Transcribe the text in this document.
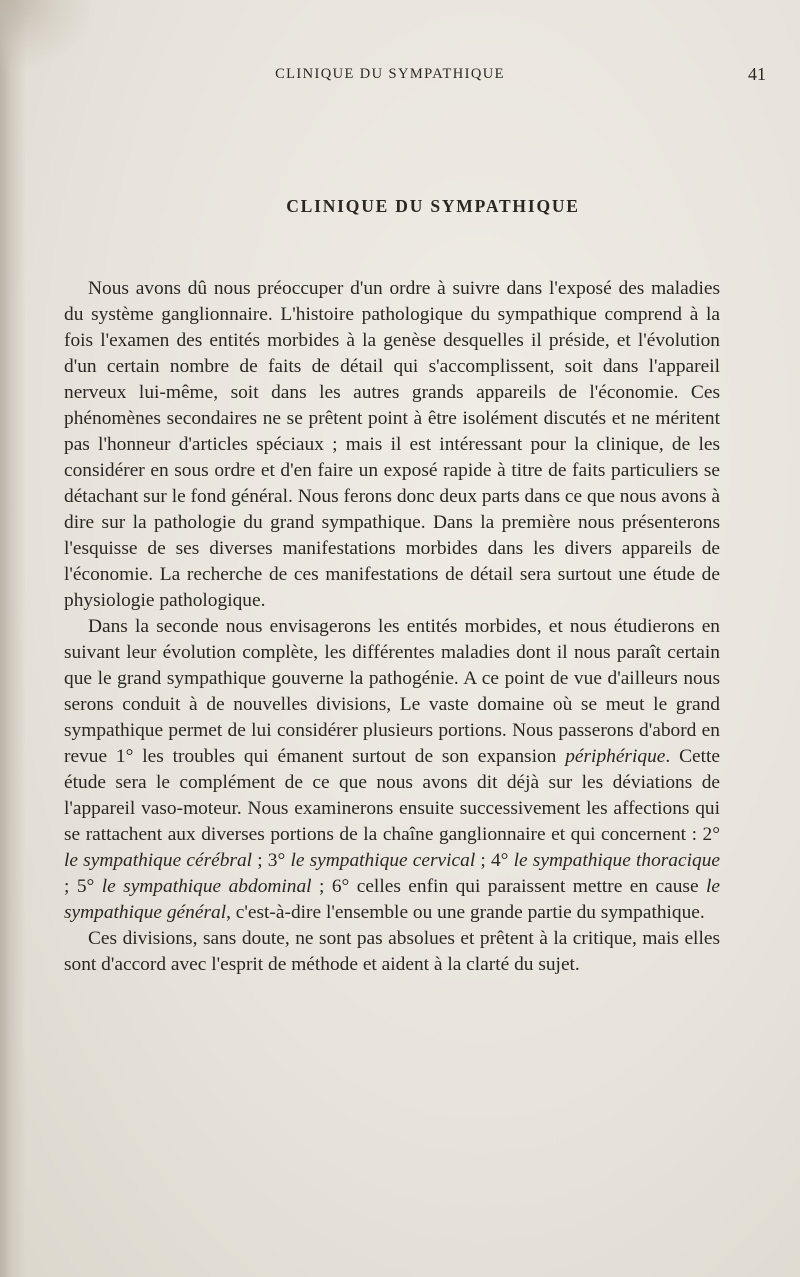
CLINIQUE DU SYMPATHIQUE	41
CLINIQUE DU SYMPATHIQUE

Nous avons dû nous préoccuper d'un ordre à suivre dans l'exposé des maladies du système ganglionnaire. L'histoire pathologique du sympathique comprend à la fois l'examen des entités morbides à la genèse desquelles il préside, et l'évolution d'un certain nombre de faits de détail qui s'accomplissent, soit dans l'appareil nerveux lui-même, soit dans les autres grands appareils de l'économie. Ces phénomènes secondaires ne se prêtent point à être isolément discutés et ne méritent pas l'honneur d'articles spéciaux ; mais il est intéressant pour la clinique, de les considérer en sous ordre et d'en faire un exposé rapide à titre de faits particuliers se détachant sur le fond général. Nous ferons donc deux parts dans ce que nous avons à dire sur la pathologie du grand sympathique. Dans la première nous présenterons l'esquisse de ses diverses manifestations morbides dans les divers appareils de l'économie. La recherche de ces manifestations de détail sera surtout une étude de physiologie pathologique.

Dans la seconde nous envisagerons les entités morbides, et nous étudierons en suivant leur évolution complète, les différentes maladies dont il nous paraît certain que le grand sympathique gouverne la pathogénie. A ce point de vue d'ailleurs nous serons conduit à de nouvelles divisions, Le vaste domaine où se meut le grand sympathique permet de lui considérer plusieurs portions. Nous passerons d'abord en revue 1° les troubles qui émanent surtout de son expansion périphérique. Cette étude sera le complément de ce que nous avons dit déjà sur les déviations de l'appareil vaso-moteur. Nous examinerons ensuite successivement les affections qui se rattachent aux diverses portions de la chaîne ganglionnaire et qui concernent : 2° le sympathique cérébral ; 3° le sympathique cervical ; 4° le sympathique thoracique ; 5° le sympathique abdominal ; 6° celles enfin qui paraissent mettre en cause le sympathique général, c'est-à-dire l'ensemble ou une grande partie du sympathique.

Ces divisions, sans doute, ne sont pas absolues et prêtent à la critique, mais elles sont d'accord avec l'esprit de méthode et aident à la clarté du sujet.
